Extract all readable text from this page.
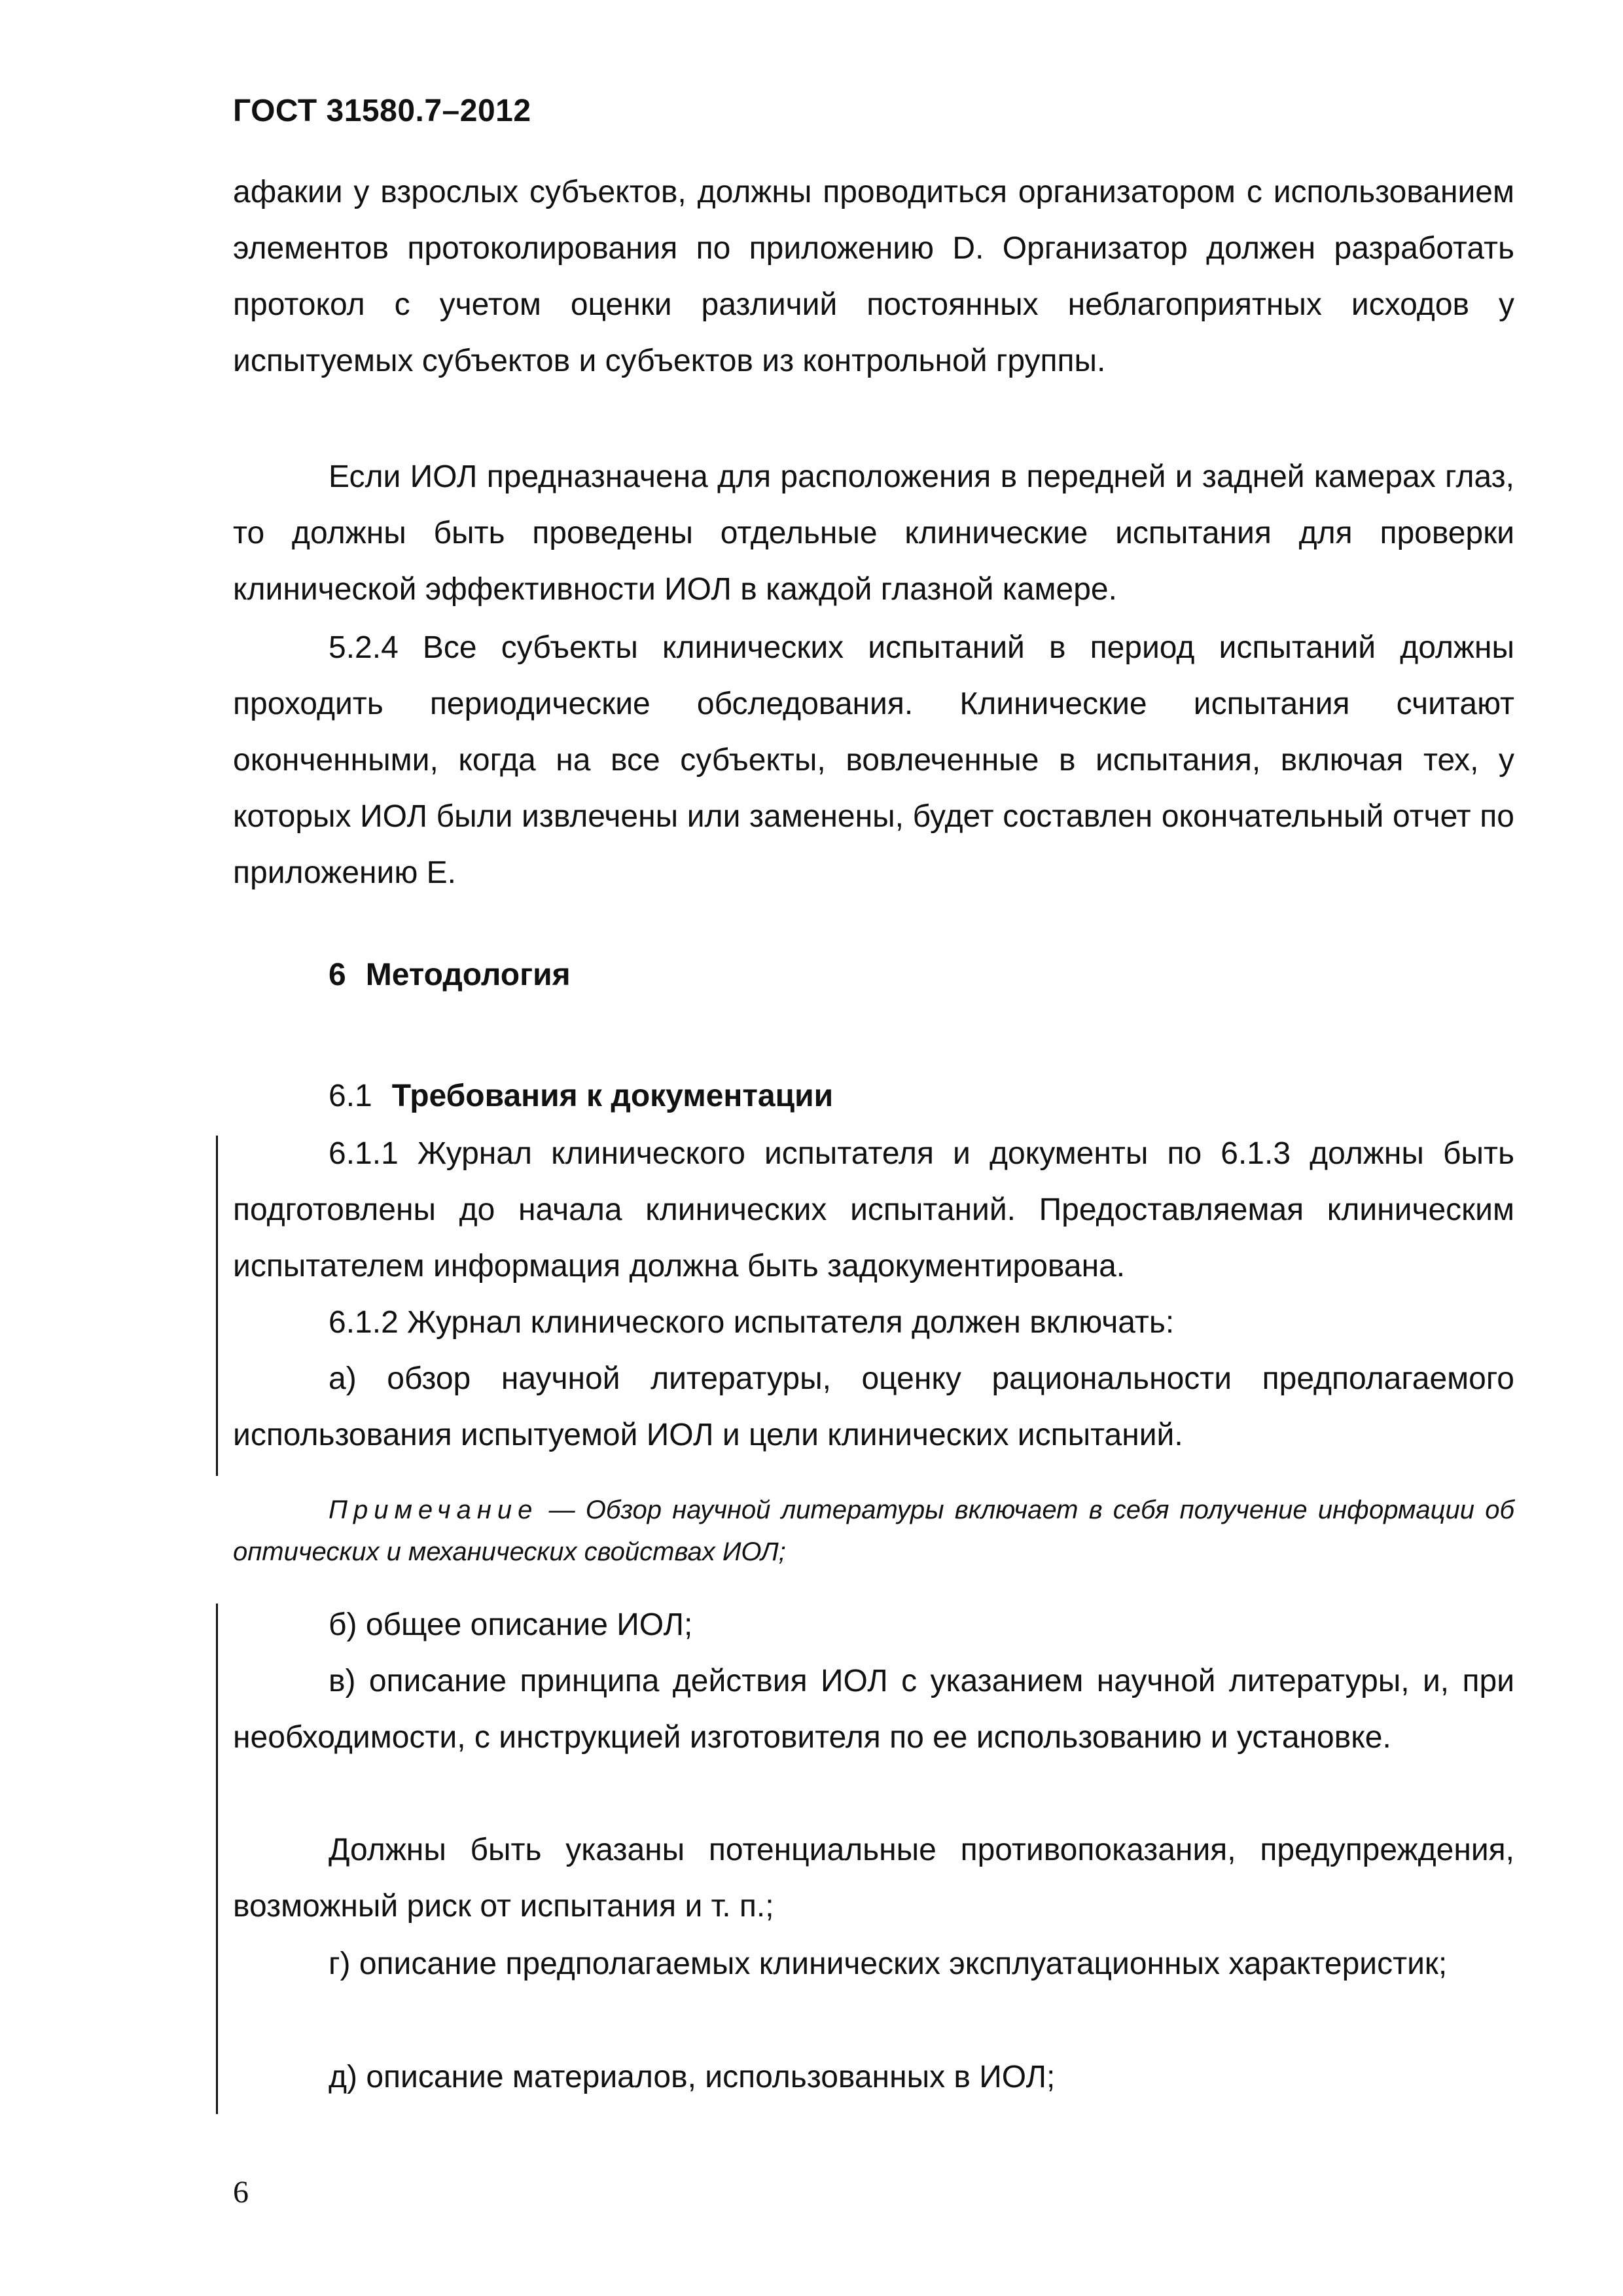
ГОСТ 31580.7–2012
афакии у взрослых субъектов, должны проводиться организатором с использованием элементов протоколирования по приложению D. Организатор должен разработать протокол с учетом оценки различий постоянных неблагоприятных исходов у испытуемых субъектов и субъектов из контрольной группы.
Если ИОЛ предназначена для расположения в передней и задней камерах глаз, то должны быть проведены отдельные клинические испытания для проверки клинической эффективности ИОЛ в каждой глазной камере.
5.2.4 Все субъекты клинических испытаний в период испытаний должны проходить периодические обследования. Клинические испытания считают оконченными, когда на все субъекты, вовлеченные в испытания, включая тех, у которых ИОЛ были извлечены или заменены, будет составлен окончательный отчет по приложению Е.
6 Методология
6.1 Требования к документации
6.1.1 Журнал клинического испытателя и документы по 6.1.3 должны быть подготовлены до начала клинических испытаний. Предоставляемая клиническим испытателем информация должна быть задокументирована.
6.1.2 Журнал клинического испытателя должен включать:
а) обзор научной литературы, оценку рациональности предполагаемого использования испытуемой ИОЛ и цели клинических испытаний.
Примечание — Обзор научной литературы включает в себя получение информации об оптических и механических свойствах ИОЛ;
б) общее описание ИОЛ;
в) описание принципа действия ИОЛ с указанием научной литературы, и, при необходимости, с инструкцией изготовителя по ее использованию и установке.
Должны быть указаны потенциальные противопоказания, предупреждения, возможный риск от испытания и т. п.;
г) описание предполагаемых клинических эксплуатационных характеристик;
д) описание материалов, использованных в ИОЛ;
6
